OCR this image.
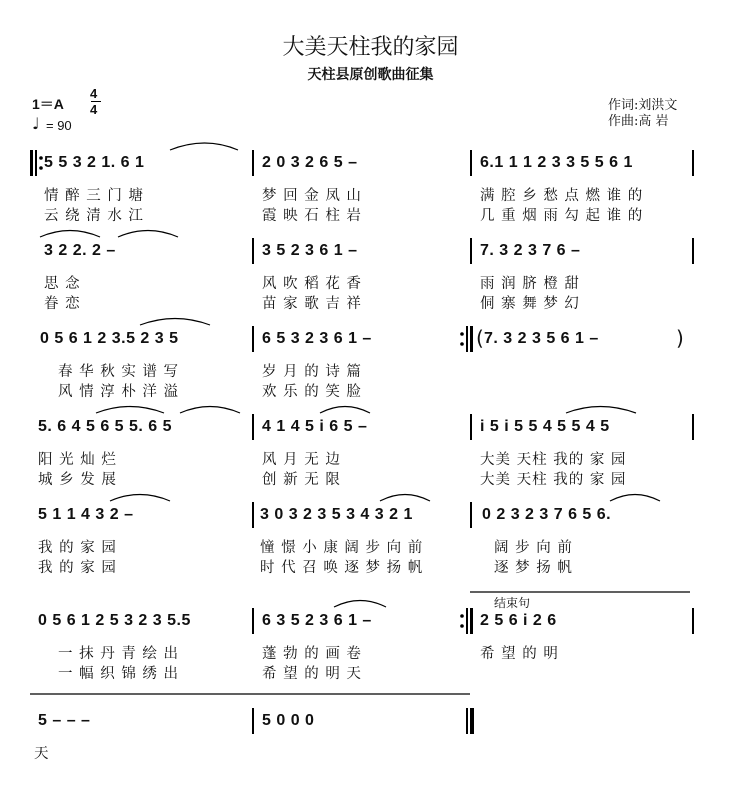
大美天柱我的家园
天柱县原创歌曲征集
1＝A
4
4
♩ = 90
作词:刘洪文
作曲:高 岩
5 5 3 2 1. 6 1	2 0 3 2 6 5 –	6.1 1 1 2 3 3 5 5 6 1
情 醉 三 门 塘	梦 回 金 凤 山	满 腔 乡 愁 点 燃 谁 的
云 绕 清 水 江	霞 映 石 柱 岩	几 重 烟 雨 勾 起 谁 的
3 2 2. 2 –	3 5 2 3 6 1 –	7. 3 2 3 7 6 –
思 念	风 吹 稻 花 香	雨 润 脐 橙 甜
眷 恋	苗 家 歌 吉 祥	侗 寨 舞 梦 幻
0 5 6 1 2 3.5 2 3 5	6 5 3 2 3 6 1 –	7. 3 2 3 5 6 1 –
(	)
春 华 秋 实 谱 写	岁 月 的 诗 篇
风 情 淳 朴 洋 溢	欢 乐 的 笑 脸
5. 6 4 5 6 5 5. 6 5	4 1 4 5 i 6 5 –	i 5 i 5 5 4 5 5 4 5
阳 光 灿 烂	风 月 无 边	大美 天柱 我的 家 园
城 乡 发 展	创 新 无 限	大美 天柱 我的 家 园
5 1 1 4 3 2 –	3 0 3 2 3 5 3 4 3 2 1	0 2 3 2 3 7 6 5 6.
我 的 家 园	憧 憬 小 康 阔 步 向 前	阔 步 向 前
我 的 家 园	时 代 召 唤 逐 梦 扬 帆	逐 梦 扬 帆
结束句
0 5 6 1 2 5 3 2 3 5.5	6 3 5 2 3 6 1 –	2 5 6 i 2 6
一 抹 丹 青 绘 出	蓬 勃 的 画 卷	希 望 的 明
一 幅 织 锦 绣 出	希 望 的 明 天
5 – – –	5 0 0 0
天
